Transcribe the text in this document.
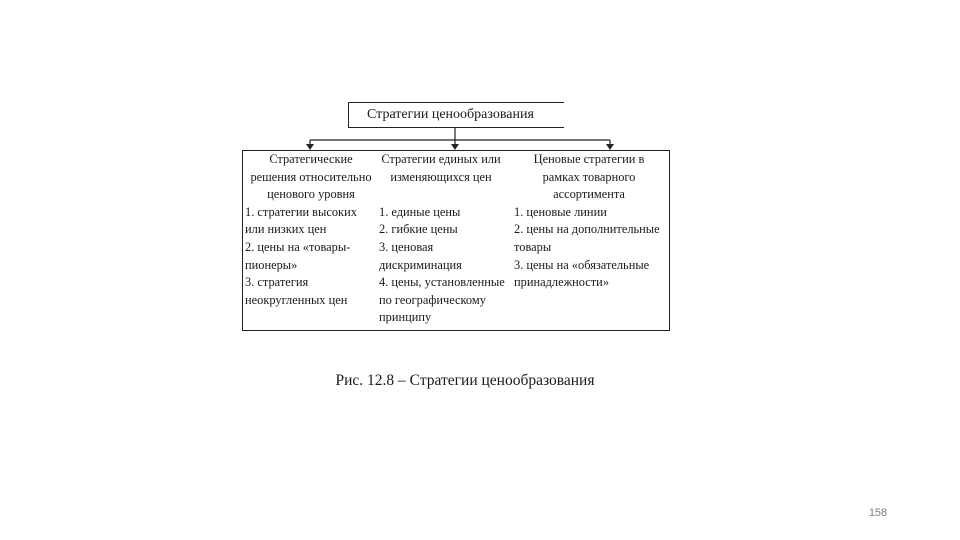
Стратегии ценообразования
Стратегические
решения относительно
ценового уровня
1. стратегии высоких
или низких цен
2. цены на «товары-
пионеры»
3. стратегия
неокругленных цен
Стратегии единых или
изменяющихся цен
1. единые цены
2. гибкие цены
3. ценовая
дискриминация
4. цены, установленные
по географическому
принципу
Ценовые стратегии в
рамках товарного
ассортимента
1. ценовые линии
2. цены на дополнительные
товары
3. цены на «обязательные
принадлежности»
Рис. 12.8 – Стратегии ценообразования
158
